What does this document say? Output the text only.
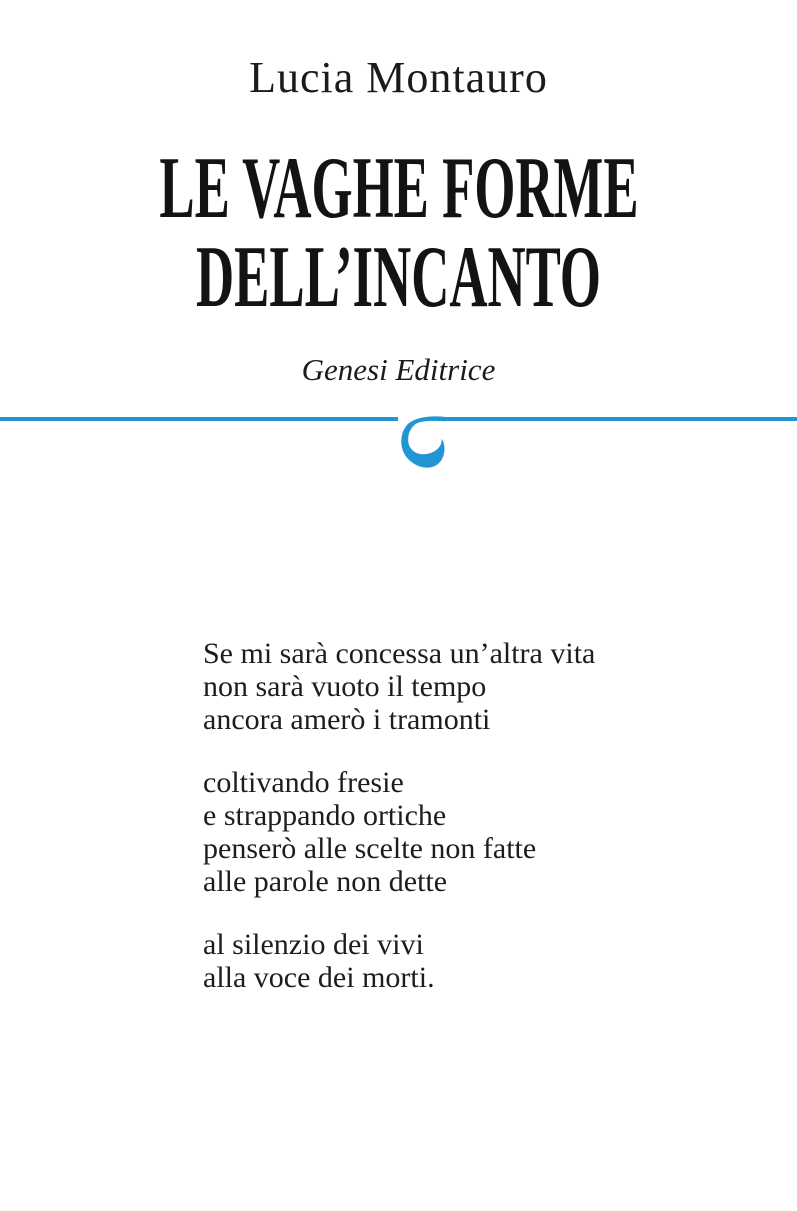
Lucia Montauro
LE VAGHE FORME
DELL’INCANTO
Genesi Editrice
Se mi sarà concessa un’altra vita
non sarà vuoto il tempo
ancora amerò i tramonti
coltivando fresie
e strappando ortiche
penserò alle scelte non fatte
alle parole non dette
al silenzio dei vivi
alla voce dei morti.
